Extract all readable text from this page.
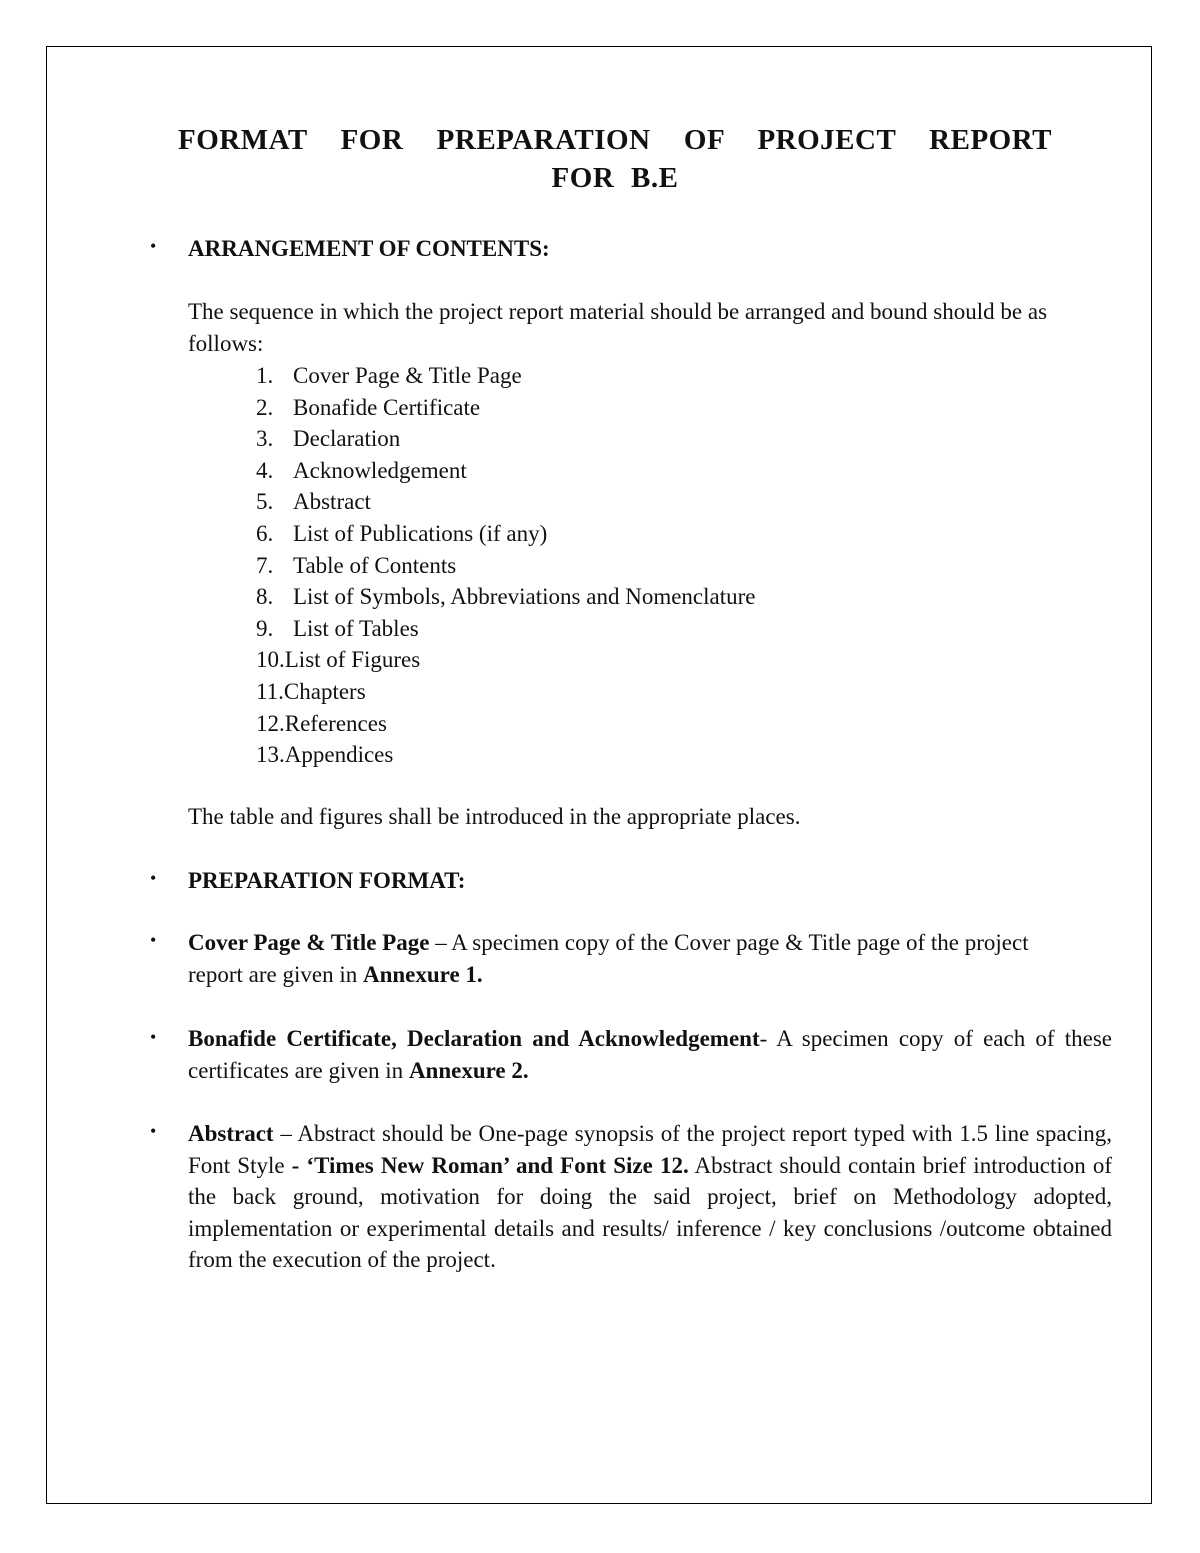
FORMAT FOR PREPARATION OF PROJECT REPORT
FOR B.E
• ARRANGEMENT OF CONTENTS:
The sequence in which the project report material should be arranged and bound should be as follows:
1. Cover Page & Title Page
2. Bonafide Certificate
3. Declaration
4. Acknowledgement
5. Abstract
6. List of Publications (if any)
7. Table of Contents
8. List of Symbols, Abbreviations and Nomenclature
9. List of Tables
10.List of Figures
11.Chapters
12.References
13.Appendices
The table and figures shall be introduced in the appropriate places.
• PREPARATION FORMAT:
• Cover Page & Title Page – A specimen copy of the Cover page & Title page of the project report are given in Annexure 1.
• Bonafide Certificate, Declaration and Acknowledgement- A specimen copy of each of these certificates are given in Annexure 2.
• Abstract – Abstract should be One-page synopsis of the project report typed with 1.5 line spacing, Font Style - ‘Times New Roman’ and Font Size 12. Abstract should contain brief introduction of the back ground, motivation for doing the said project, brief on Methodology adopted, implementation or experimental details and results/ inference / key conclusions /outcome obtained from the execution of the project.
